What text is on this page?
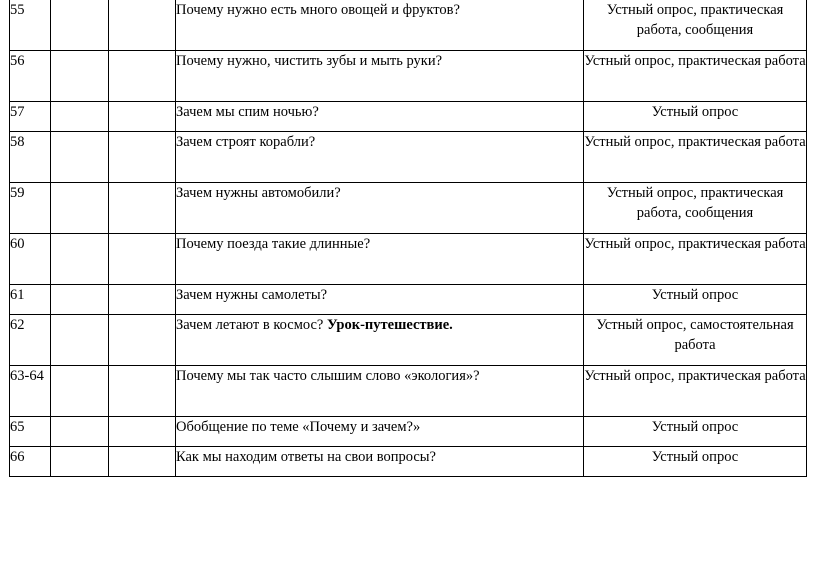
55			Почему нужно есть много овощей и фруктов?	Устный опрос, практическая работа, сообщения
56			Почему нужно, чистить зубы и мыть руки?	Устный опрос, практическая работа
57			Зачем мы спим ночью?	Устный опрос
58			Зачем строят корабли?	Устный опрос, практическая работа
59			Зачем нужны автомобили?	Устный опрос, практическая работа, сообщения
60			Почему поезда такие длинные?	Устный опрос, практическая работа
61			Зачем нужны самолеты?	Устный опрос
62			Зачем летают в космос? Урок-путешествие.	Устный опрос, самостоятельная работа
63-64			Почему мы так часто слышим слово «экология»?	Устный опрос, практическая работа
65			Обобщение по теме «Почему и зачем?»	Устный опрос
66			Как мы находим ответы на свои вопросы?	Устный опрос
